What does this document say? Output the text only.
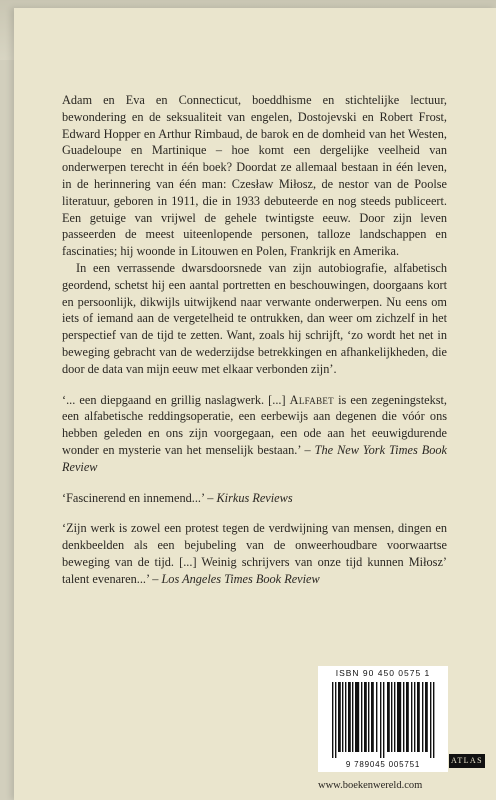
Adam en Eva en Connecticut, boeddhisme en stichtelijke lectuur, bewondering en de seksualiteit van engelen, Dostojevski en Robert Frost, Edward Hopper en Arthur Rimbaud, de barok en de domheid van het Westen, Guadeloupe en Martinique – hoe komt een dergelijke veelheid van onderwerpen terecht in één boek? Doordat ze allemaal bestaan in één leven, in de herinnering van één man: Czesław Miłosz, de nestor van de Poolse literatuur, geboren in 1911, die in 1933 debuteerde en nog steeds publiceert. Een getuige van vrijwel de gehele twintigste eeuw. Door zijn leven passeerden de meest uiteenlopende personen, talloze landschappen en fascinaties; hij woonde in Litouwen en Polen, Frankrijk en Amerika.

In een verrassende dwarsdoorsnede van zijn autobiografie, alfabetisch geordend, schetst hij een aantal portretten en beschouwingen, doorgaans kort en persoonlijk, dikwijls uitwijkend naar verwante onderwerpen. Nu eens om iets of iemand aan de vergetelheid te ontrukken, dan weer om zichzelf in het perspectief van de tijd te zetten. Want, zoals hij schrijft, ‘zo wordt het net in beweging gebracht van de wederzijdse betrekkingen en afhankelijkheden, die door de data van mijn eeuw met elkaar verbonden zijn’.

‘... een diepgaand en grillig naslagwerk. [...] Alfabet is een zegeningstekst, een alfabetische reddingsoperatie, een eerbewijs aan degenen die vóór ons hebben geleden en ons zijn voorgegaan, een ode aan het eeuwigdurende wonder en mysterie van het menselijk bestaan.’ – The New York Times Book Review

‘Fascinerend en innemend...’ – Kirkus Reviews

‘Zijn werk is zowel een protest tegen de verdwijning van mensen, dingen en denkbeelden als een bejubeling van de onweerhoudbare voorwaartse beweging van de tijd. [...] Weinig schrijvers van onze tijd kunnen Miłosz’ talent evenaren...’ – Los Angeles Times Book Review

ISBN 90 450 0575 1
9 789045 005751	ATLAS
www.boekenwereld.com
